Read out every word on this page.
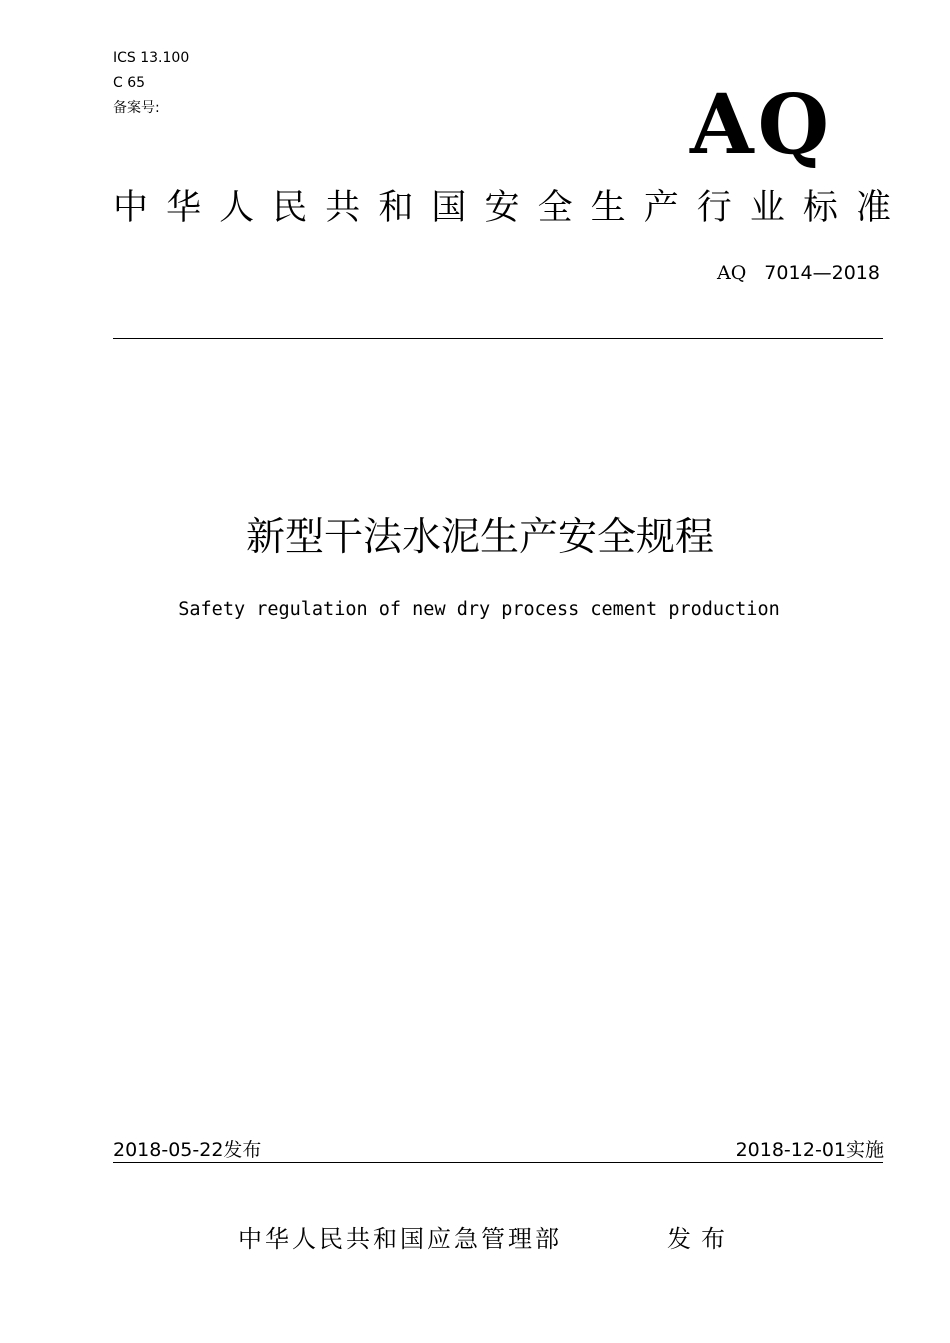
ICS 13.100
C 65
备案号:	AQ
中华人民共和国安全生产行业标准
AQ 7014—2018
新型干法水泥生产安全规程
Safety regulation of new dry process cement production
2018-05-22发布	2018-12-01实施
中华人民共和国应急管理部	发布
